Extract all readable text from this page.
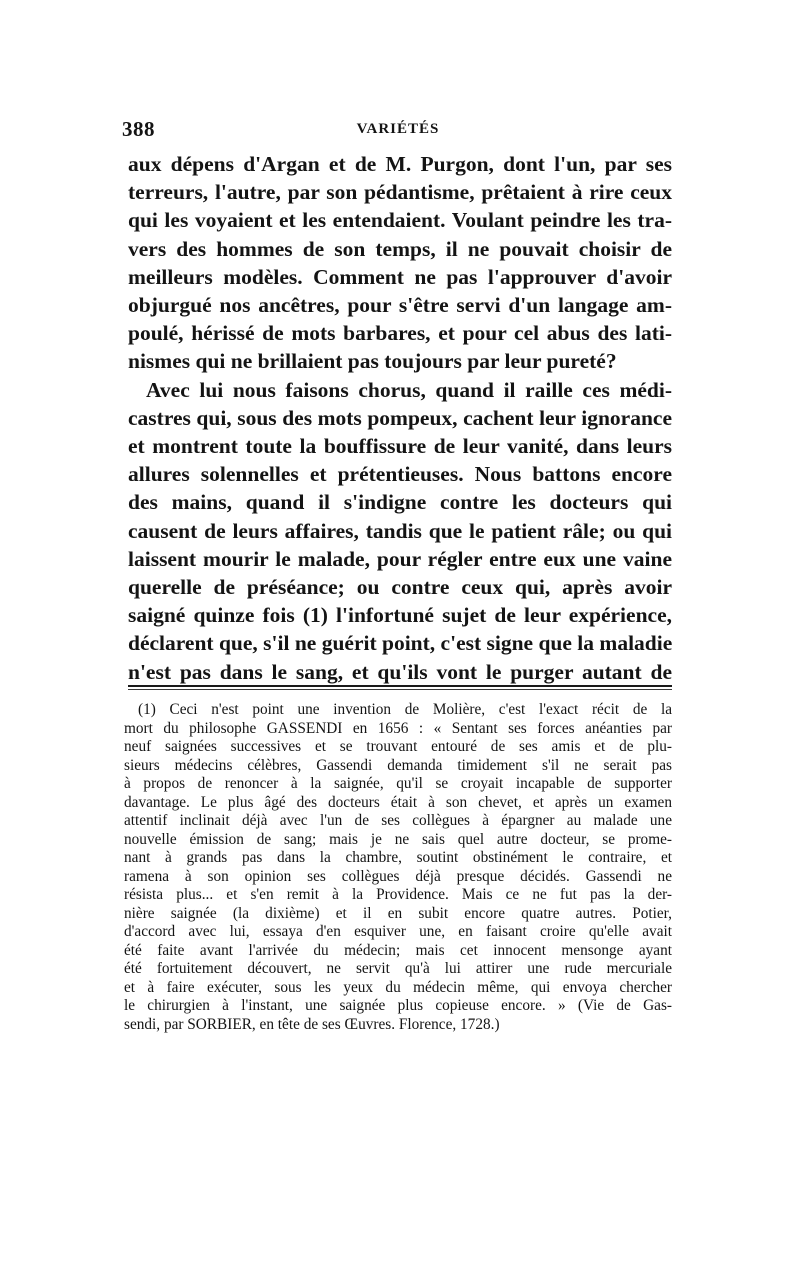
388	VARIÉTÉS
aux dépens d'Argan et de M. Purgon, dont l'un, par ses
terreurs, l'autre, par son pédantisme, prêtaient à rire ceux
qui les voyaient et les entendaient. Voulant peindre les tra-
vers des hommes de son temps, il ne pouvait choisir de
meilleurs modèles. Comment ne pas l'approuver d'avoir
objurgué nos ancêtres, pour s'être servi d'un langage am-
poulé, hérissé de mots barbares, et pour cel abus des lati-
nismes qui ne brillaient pas toujours par leur pureté?
Avec lui nous faisons chorus, quand il raille ces médi-
castres qui, sous des mots pompeux, cachent leur ignorance
et montrent toute la bouffissure de leur vanité, dans leurs
allures solennelles et prétentieuses. Nous battons encore
des mains, quand il s'indigne contre les docteurs qui
causent de leurs affaires, tandis que le patient râle; ou qui
laissent mourir le malade, pour régler entre eux une vaine
querelle de préséance; ou contre ceux qui, après avoir
saigné quinze fois (1) l'infortuné sujet de leur expérience,
déclarent que, s'il ne guérit point, c'est signe que la maladie
n'est pas dans le sang, et qu'ils vont le purger autant de
(1) Ceci n'est point une invention de Molière, c'est l'exact récit de la
mort du philosophe GASSENDI en 1656 : « Sentant ses forces anéanties par
neuf saignées successives et se trouvant entouré de ses amis et de plu-
sieurs médecins célèbres, Gassendi demanda timidement s'il ne serait pas
à propos de renoncer à la saignée, qu'il se croyait incapable de supporter
davantage. Le plus âgé des docteurs était à son chevet, et après un examen
attentif inclinait déjà avec l'un de ses collègues à épargner au malade une
nouvelle émission de sang; mais je ne sais quel autre docteur, se prome-
nant à grands pas dans la chambre, soutint obstinément le contraire, et
ramena à son opinion ses collègues déjà presque décidés. Gassendi ne
résista plus... et s'en remit à la Providence. Mais ce ne fut pas la der-
nière saignée (la dixième) et il en subit encore quatre autres. Potier,
d'accord avec lui, essaya d'en esquiver une, en faisant croire qu'elle avait
été faite avant l'arrivée du médecin; mais cet innocent mensonge ayant
été fortuitement découvert, ne servit qu'à lui attirer une rude mercuriale
et à faire exécuter, sous les yeux du médecin même, qui envoya chercher
le chirurgien à l'instant, une saignée plus copieuse encore. » (Vie de Gas-
sendi, par SORBIER, en tête de ses Œuvres. Florence, 1728.)
